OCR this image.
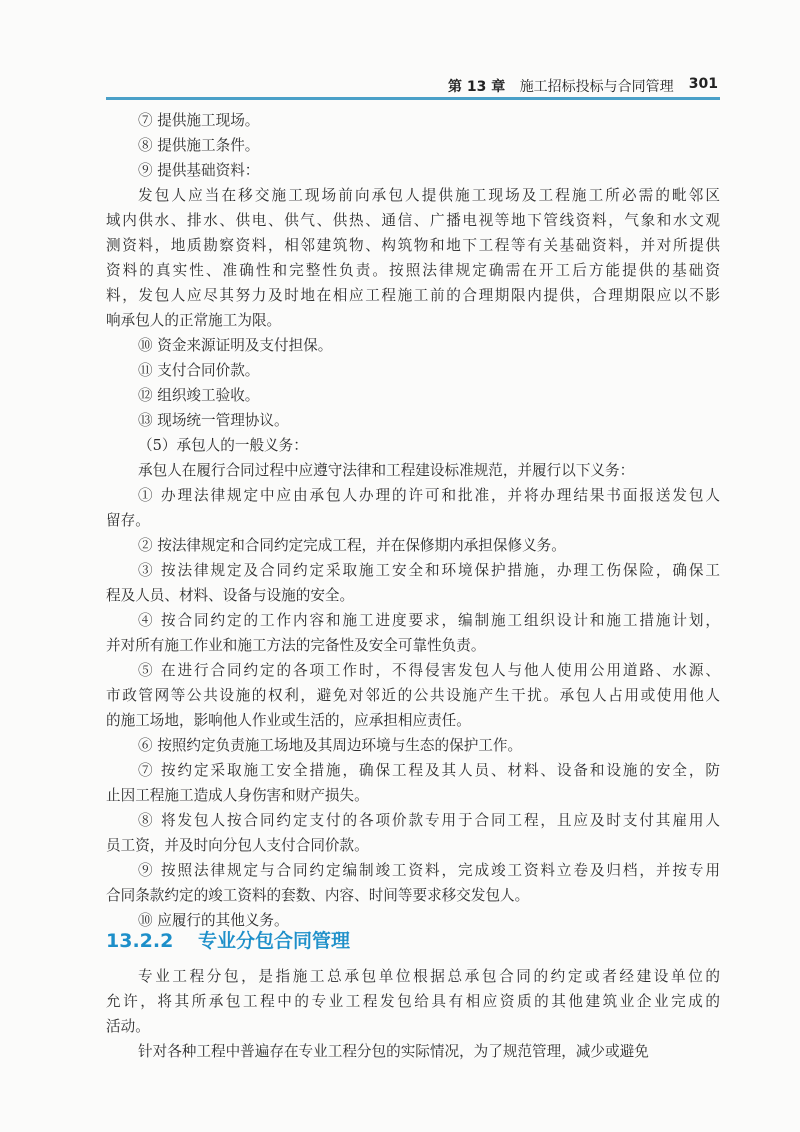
第 13 章 施工招标投标与合同管理 301
⑦ 提供施工现场。
⑧ 提供施工条件。
⑨ 提供基础资料：
发包人应当在移交施工现场前向承包人提供施工现场及工程施工所必需的毗邻区
域内供水、排水、供电、供气、供热、通信、广播电视等地下管线资料，气象和水文观
测资料，地质勘察资料，相邻建筑物、构筑物和地下工程等有关基础资料，并对所提供
资料的真实性、准确性和完整性负责。按照法律规定确需在开工后方能提供的基础资
料，发包人应尽其努力及时地在相应工程施工前的合理期限内提供，合理期限应以不影
响承包人的正常施工为限。
⑩ 资金来源证明及支付担保。
⑪ 支付合同价款。
⑫ 组织竣工验收。
⑬ 现场统一管理协议。
（5）承包人的一般义务：
承包人在履行合同过程中应遵守法律和工程建设标准规范，并履行以下义务：
① 办理法律规定中应由承包人办理的许可和批准，并将办理结果书面报送发包人
留存。
② 按法律规定和合同约定完成工程，并在保修期内承担保修义务。
③ 按法律规定及合同约定采取施工安全和环境保护措施，办理工伤保险，确保工
程及人员、材料、设备与设施的安全。
④ 按合同约定的工作内容和施工进度要求，编制施工组织设计和施工措施计划，
并对所有施工作业和施工方法的完备性及安全可靠性负责。
⑤ 在进行合同约定的各项工作时，不得侵害发包人与他人使用公用道路、水源、
市政管网等公共设施的权利，避免对邻近的公共设施产生干扰。承包人占用或使用他人
的施工场地，影响他人作业或生活的，应承担相应责任。
⑥ 按照约定负责施工场地及其周边环境与生态的保护工作。
⑦ 按约定采取施工安全措施，确保工程及其人员、材料、设备和设施的安全，防
止因工程施工造成人身伤害和财产损失。
⑧ 将发包人按合同约定支付的各项价款专用于合同工程，且应及时支付其雇用人
员工资，并及时向分包人支付合同价款。
⑨ 按照法律规定与合同约定编制竣工资料，完成竣工资料立卷及归档，并按专用
合同条款约定的竣工资料的套数、内容、时间等要求移交发包人。
⑩ 应履行的其他义务。
13.2.2 专业分包合同管理
专业工程分包，是指施工总承包单位根据总承包合同的约定或者经建设单位的
允许，将其所承包工程中的专业工程发包给具有相应资质的其他建筑业企业完成的
活动。
针对各种工程中普遍存在专业工程分包的实际情况，为了规范管理，减少或避免
